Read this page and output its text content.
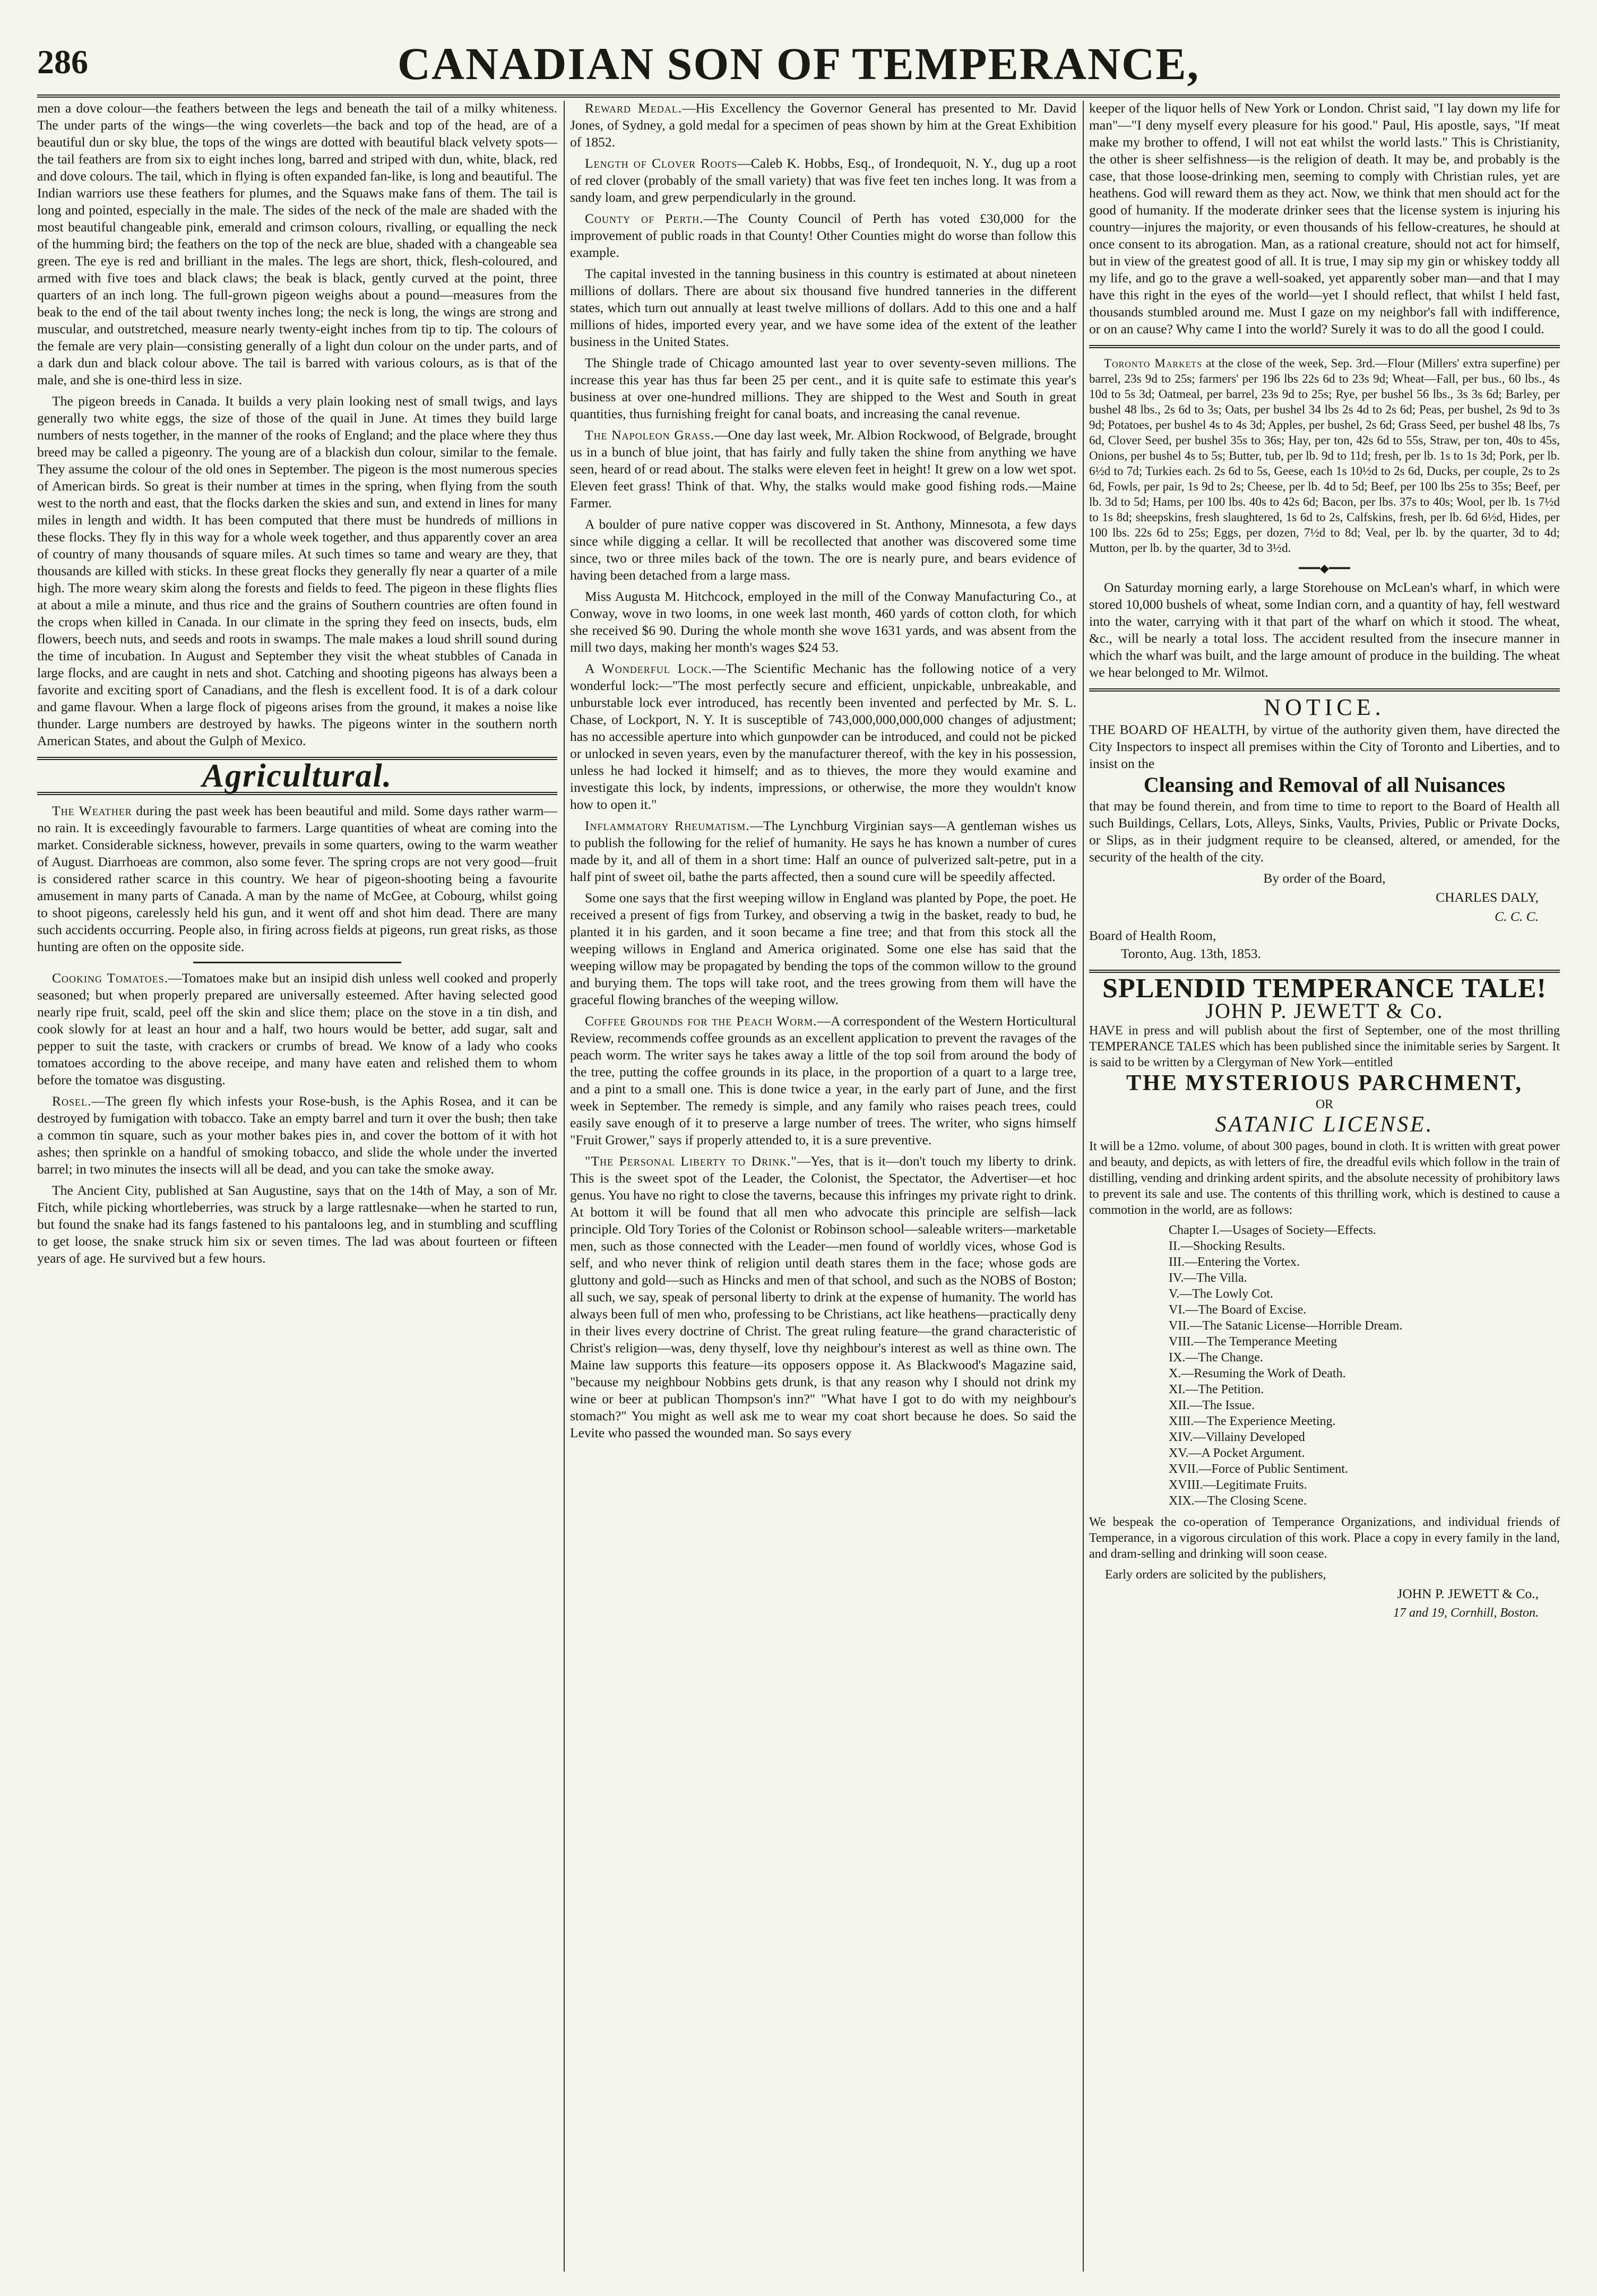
286	CANADIAN SON OF TEMPERANCE,

men a dove colour—the feathers between the legs and beneath the tail of a milky whiteness. The under parts of the wings—the wing coverlets—the back and top of the head, are of a beautiful dun or sky blue, the tops of the wings are dotted with beautiful black velvety spots—the tail feathers are from six to eight inches long, barred and striped with dun, white, black, red and dove colours. The tail, which in flying is often expanded fan-like, is long and beautiful. The Indian warriors use these feathers for plumes, and the Squaws make fans of them. The tail is long and pointed, especially in the male. The sides of the neck of the male are shaded with the most beautiful changeable pink, emerald and crimson colours, rivalling, or equalling the neck of the humming bird; the feathers on the top of the neck are blue, shaded with a changeable sea green. The eye is red and brilliant in the males. The legs are short, thick, flesh-coloured, and armed with five toes and black claws; the beak is black, gently curved at the point, three quarters of an inch long. The full-grown pigeon weighs about a pound—measures from the beak to the end of the tail about twenty inches long; the neck is long, the wings are strong and muscular, and outstretched, measure nearly twenty-eight inches from tip to tip. The colours of the female are very plain—consisting generally of a light dun colour on the under parts, and of a dark dun and black colour above. The tail is barred with various colours, as is that of the male, and she is one-third less in size.

The pigeon breeds in Canada. It builds a very plain looking nest of small twigs, and lays generally two white eggs, the size of those of the quail in June. At times they build large numbers of nests together, in the manner of the rooks of England; and the place where they thus breed may be called a pigeonry. The young are of a blackish dun colour, similar to the female. They assume the colour of the old ones in September. The pigeon is the most numerous species of American birds. So great is their number at times in the spring, when flying from the south west to the north and east, that the flocks darken the skies and sun, and extend in lines for many miles in length and width. It has been computed that there must be hundreds of millions in these flocks. They fly in this way for a whole week together, and thus apparently cover an area of country of many thousands of square miles. At such times so tame and weary are they, that thousands are killed with sticks. In these great flocks they generally fly near a quarter of a mile high. The more weary skim along the forests and fields to feed. The pigeon in these flights flies at about a mile a minute, and thus rice and the grains of Southern countries are often found in the crops when killed in Canada. In our climate in the spring they feed on insects, buds, elm flowers, beech nuts, and seeds and roots in swamps. The male makes a loud shrill sound during the time of incubation. In August and September they visit the wheat stubbles of Canada in large flocks, and are caught in nets and shot. Catching and shooting pigeons has always been a favorite and exciting sport of Canadians, and the flesh is excellent food. It is of a dark colour and game flavour. When a large flock of pigeons arises from the ground, it makes a noise like thunder. Large numbers are destroyed by hawks. The pigeons winter in the southern north American States, and about the Gulph of Mexico.

Agricultural.

The Weather during the past week has been beautiful and mild. Some days rather warm—no rain. It is exceedingly favourable to farmers. Large quantities of wheat are coming into the market. Considerable sickness, however, prevails in some quarters, owing to the warm weather of August. Diarrhoeas are common, also some fever. The spring crops are not very good—fruit is considered rather scarce in this country. We hear of pigeon-shooting being a favourite amusement in many parts of Canada. A man by the name of McGee, at Cobourg, whilst going to shoot pigeons, carelessly held his gun, and it went off and shot him dead. There are many such accidents occurring. People also, in firing across fields at pigeons, run great risks, as those hunting are often on the opposite side.

Cooking Tomatoes.—Tomatoes make but an insipid dish unless well cooked and properly seasoned; but when properly prepared are universally esteemed. After having selected good nearly ripe fruit, scald, peel off the skin and slice them; place on the stove in a tin dish, and cook slowly for at least an hour and a half, two hours would be better, add sugar, salt and pepper to suit the taste, with crackers or crumbs of bread. We know of a lady who cooks tomatoes according to the above receipe, and many have eaten and relished them to whom before the tomatoe was disgusting.

Rosel.—The green fly which infests your Rose-bush, is the Aphis Rosea, and it can be destroyed by fumigation with tobacco. Take an empty barrel and turn it over the bush; then take a common tin square, such as your mother bakes pies in, and cover the bottom of it with hot ashes; then sprinkle on a handful of smoking tobacco, and slide the whole under the inverted barrel; in two minutes the insects will all be dead, and you can take the smoke away.

The Ancient City, published at San Augustine, says that on the 14th of May, a son of Mr. Fitch, while picking whortleberries, was struck by a large rattlesnake—when he started to run, but found the snake had its fangs fastened to his pantaloons leg, and in stumbling and scuffling to get loose, the snake struck him six or seven times. The lad was about fourteen or fifteen years of age. He survived but a few hours.

Reward Medal.—His Excellency the Governor General has presented to Mr. David Jones, of Sydney, a gold medal for a specimen of peas shown by him at the Great Exhibition of 1852.

Length of Clover Roots—Caleb K. Hobbs, Esq., of Irondequoit, N. Y., dug up a root of red clover (probably of the small variety) that was five feet ten inches long. It was from a sandy loam, and grew perpendicularly in the ground.

County of Perth.—The County Council of Perth has voted £30,000 for the improvement of public roads in that County! Other Counties might do worse than follow this example.

The capital invested in the tanning business in this country is estimated at about nineteen millions of dollars. There are about six thousand five hundred tanneries in the different states, which turn out annually at least twelve millions of dollars. Add to this one and a half millions of hides, imported every year, and we have some idea of the extent of the leather business in the United States.

The Shingle trade of Chicago amounted last year to over seventy-seven millions. The increase this year has thus far been 25 per cent., and it is quite safe to estimate this year's business at over one-hundred millions. They are shipped to the West and South in great quantities, thus furnishing freight for canal boats, and increasing the canal revenue.

The Napoleon Grass.—One day last week, Mr. Albion Rockwood, of Belgrade, brought us in a bunch of blue joint, that has fairly and fully taken the shine from anything we have seen, heard of or read about. The stalks were eleven feet in height! It grew on a low wet spot. Eleven feet grass! Think of that. Why, the stalks would make good fishing rods.—Maine Farmer.

A boulder of pure native copper was discovered in St. Anthony, Minnesota, a few days since while digging a cellar. It will be recollected that another was discovered some time since, two or three miles back of the town. The ore is nearly pure, and bears evidence of having been detached from a large mass.

Miss Augusta M. Hitchcock, employed in the mill of the Conway Manufacturing Co., at Conway, wove in two looms, in one week last month, 460 yards of cotton cloth, for which she received $6 90. During the whole month she wove 1631 yards, and was absent from the mill two days, making her month's wages $24 53.

A Wonderful Lock.—The Scientific Mechanic has the following notice of a very wonderful lock:—"The most perfectly secure and efficient, unpickable, unbreakable, and unburstable lock ever introduced, has recently been invented and perfected by Mr. S. L. Chase, of Lockport, N. Y. It is susceptible of 743,000,000,000,000 changes of adjustment; has no accessible aperture into which gunpowder can be introduced, and could not be picked or unlocked in seven years, even by the manufacturer thereof, with the key in his possession, unless he had locked it himself; and as to thieves, the more they would examine and investigate this lock, by indents, impressions, or otherwise, the more they wouldn't know how to open it."

Inflammatory Rheumatism.—The Lynchburg Virginian says—A gentleman wishes us to publish the following for the relief of humanity. He says he has known a number of cures made by it, and all of them in a short time: Half an ounce of pulverized salt-petre, put in a half pint of sweet oil, bathe the parts affected, then a sound cure will be speedily affected.

Some one says that the first weeping willow in England was planted by Pope, the poet. He received a present of figs from Turkey, and observing a twig in the basket, ready to bud, he planted it in his garden, and it soon became a fine tree; and that from this stock all the weeping willows in England and America originated. Some one else has said that the weeping willow may be propagated by bending the tops of the common willow to the ground and burying them. The tops will take root, and the trees growing from them will have the graceful flowing branches of the weeping willow.

Coffee Grounds for the Peach Worm.—A correspondent of the Western Horticultural Review, recommends coffee grounds as an excellent application to prevent the ravages of the peach worm. The writer says he takes away a little of the top soil from around the body of the tree, putting the coffee grounds in its place, in the proportion of a quart to a large tree, and a pint to a small one. This is done twice a year, in the early part of June, and the first week in September. The remedy is simple, and any family who raises peach trees, could easily save enough of it to preserve a large number of trees. The writer, who signs himself "Fruit Grower," says if properly attended to, it is a sure preventive.

"The Personal Liberty to Drink."—Yes, that is it—don't touch my liberty to drink. This is the sweet spot of the Leader, the Colonist, the Spectator, the Advertiser—et hoc genus. You have no right to close the taverns, because this infringes my private right to drink. At bottom it will be found that all men who advocate this principle are selfish—lack principle. Old Tory Tories of the Colonist or Robinson school—saleable writers—marketable men, such as those connected with the Leader—men found of worldly vices, whose God is self, and who never think of religion until death stares them in the face; whose gods are gluttony and gold—such as Hincks and men of that school, and such as the NOBS of Boston; all such, we say, speak of personal liberty to drink at the expense of humanity. The world has always been full of men who, professing to be Christians, act like heathens—practically deny in their lives every doctrine of Christ. The great ruling feature—the grand characteristic of Christ's religion—was, deny thyself, love thy neighbour's interest as well as thine own. The Maine law supports this feature—its opposers oppose it. As Blackwood's Magazine said, "because my neighbour Nobbins gets drunk, is that any reason why I should not drink my wine or beer at publican Thompson's inn?" "What have I got to do with my neighbour's stomach?" You might as well ask me to wear my coat short because he does. So said the Levite who passed the wounded man. So says every

keeper of the liquor hells of New York or London. Christ said, "I lay down my life for man"—"I deny myself every pleasure for his good." Paul, His apostle, says, "If meat make my brother to offend, I will not eat whilst the world lasts." This is Christianity, the other is sheer selfishness—is the religion of death. It may be, and probably is the case, that those loose-drinking men, seeming to comply with Christian rules, yet are heathens. God will reward them as they act. Now, we think that men should act for the good of humanity. If the moderate drinker sees that the license system is injuring his country—injures the majority, or even thousands of his fellow-creatures, he should at once consent to its abrogation. Man, as a rational creature, should not act for himself, but in view of the greatest good of all. It is true, I may sip my gin or whiskey toddy all my life, and go to the grave a well-soaked, yet apparently sober man—and that I may have this right in the eyes of the world—yet I should reflect, that whilst I held fast, thousands stumbled around me. Must I gaze on my neighbor's fall with indifference, or on an cause? Why came I into the world? Surely it was to do all the good I could.

Toronto Markets at the close of the week, Sep. 3rd.—Flour (Millers' extra superfine) per barrel, 23s 9d to 25s; farmers' per 196 lbs 22s 6d to 23s 9d; Wheat—Fall, per bus., 60 lbs., 4s 10d to 5s 3d; Oatmeal, per barrel, 23s 9d to 25s; Rye, per bushel 56 lbs., 3s 3s 6d; Barley, per bushel 48 lbs., 2s 6d to 3s; Oats, per bushel 34 lbs 2s 4d to 2s 6d; Peas, per bushel, 2s 9d to 3s 9d; Potatoes, per bushel 4s to 4s 3d; Apples, per bushel, 2s 6d; Grass Seed, per bushel 48 lbs, 7s 6d, Clover Seed, per bushel 35s to 36s; Hay, per ton, 42s 6d to 55s, Straw, per ton, 40s to 45s, Onions, per bushel 4s to 5s; Butter, tub, per lb. 9d to 11d; fresh, per lb. 1s to 1s 3d; Pork, per lb. 6½d to 7d; Turkies each. 2s 6d to 5s, Geese, each 1s 10½d to 2s 6d, Ducks, per couple, 2s to 2s 6d, Fowls, per pair, 1s 9d to 2s; Cheese, per lb. 4d to 5d; Beef, per 100 lbs 25s to 35s; Beef, per lb. 3d to 5d; Hams, per 100 lbs. 40s to 42s 6d; Bacon, per lbs. 37s to 40s; Wool, per lb. 1s 7½d to 1s 8d; sheepskins, fresh slaughtered, 1s 6d to 2s, Calfskins, fresh, per lb. 6d 6½d, Hides, per 100 lbs. 22s 6d to 25s; Eggs, per dozen, 7½d to 8d; Veal, per lb. by the quarter, 3d to 4d; Mutton, per lb. by the quarter, 3d to 3½d.

━━━◆━━━

On Saturday morning early, a large Storehouse on McLean's wharf, in which were stored 10,000 bushels of wheat, some Indian corn, and a quantity of hay, fell westward into the water, carrying with it that part of the wharf on which it stood. The wheat, &c., will be nearly a total loss. The accident resulted from the insecure manner in which the wharf was built, and the large amount of produce in the building. The wheat we hear belonged to Mr. Wilmot.

NOTICE.

THE BOARD OF HEALTH, by virtue of the authority given them, have directed the City Inspectors to inspect all premises within the City of Toronto and Liberties, and to insist on the

Cleansing and Removal of all Nuisances

that may be found therein, and from time to time to report to the Board of Health all such Buildings, Cellars, Lots, Alleys, Sinks, Vaults, Privies, Public or Private Docks, or Slips, as in their judgment require to be cleansed, altered, or amended, for the security of the health of the city.

By order of the Board,

CHARLES DALY,

C. C. C.

Board of Health Room,

Toronto, Aug. 13th, 1853.

SPLENDID TEMPERANCE TALE!
JOHN P. JEWETT & Co.

HAVE in press and will publish about the first of September, one of the most thrilling TEMPERANCE TALES which has been published since the inimitable series by Sargent. It is said to be written by a Clergyman of New York—entitled

THE MYSTERIOUS PARCHMENT,
OR
SATANIC LICENSE.

It will be a 12mo. volume, of about 300 pages, bound in cloth. It is written with great power and beauty, and depicts, as with letters of fire, the dreadful evils which follow in the train of distilling, vending and drinking ardent spirits, and the absolute necessity of prohibitory laws to prevent its sale and use. The contents of this thrilling work, which is destined to cause a commotion in the world, are as follows:

Chapter I.—Usages of Society—Effects.
II.—Shocking Results.
III.—Entering the Vortex.
IV.—The Villa.
V.—The Lowly Cot.
VI.—The Board of Excise.
VII.—The Satanic License—Horrible Dream.
VIII.—The Temperance Meeting
IX.—The Change.
X.—Resuming the Work of Death.
XI.—The Petition.
XII.—The Issue.
XIII.—The Experience Meeting.
XIV.—Villainy Developed
XV.—A Pocket Argument.
XVII.—Force of Public Sentiment.
XVIII.—Legitimate Fruits.
XIX.—The Closing Scene.

We bespeak the co-operation of Temperance Organizations, and individual friends of Temperance, in a vigorous circulation of this work. Place a copy in every family in the land, and dram-selling and drinking will soon cease.

Early orders are solicited by the publishers,

JOHN P. JEWETT & Co.,

17 and 19, Cornhill, Boston.
